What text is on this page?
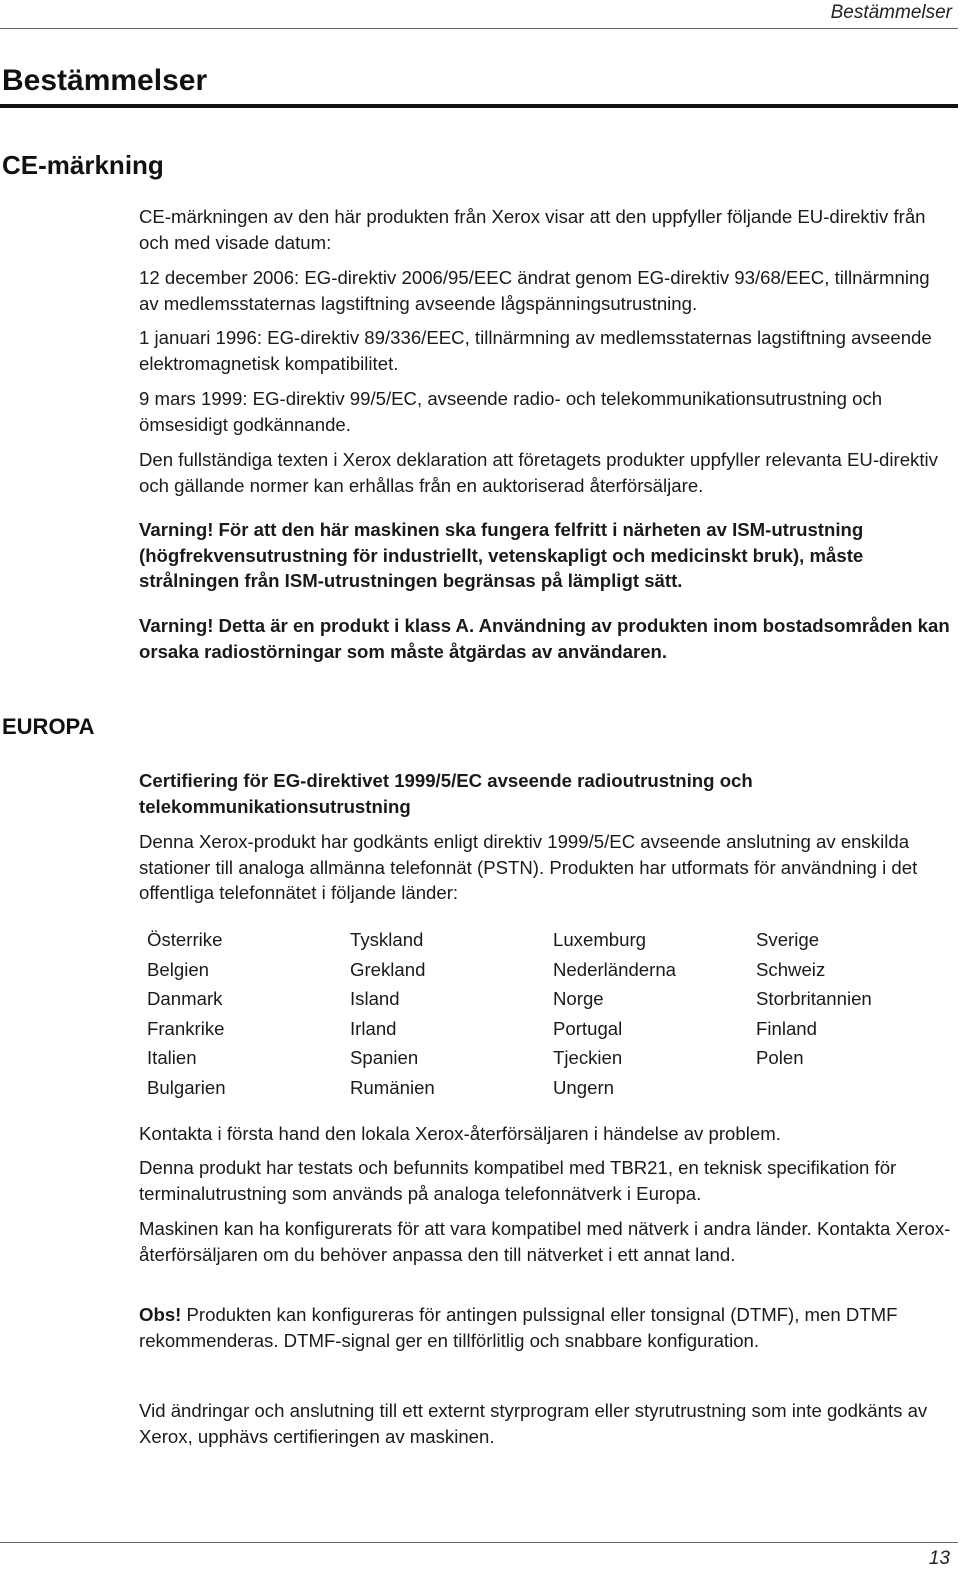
Bestämmelser
Bestämmelser
CE-märkning
EUROPA

CE-märkningen av den här produkten från Xerox visar att den uppfyller följande EU-direktiv från och med visade datum:

12 december 2006: EG-direktiv 2006/95/EEC ändrat genom EG-direktiv 93/68/EEC, tillnärmning av medlemsstaternas lagstiftning avseende lågspänningsutrustning.

1 januari 1996: EG-direktiv 89/336/EEC, tillnärmning av medlemsstaternas lagstiftning avseende elektromagnetisk kompatibilitet.

9 mars 1999: EG-direktiv 99/5/EC, avseende radio- och telekommunikationsutrustning och ömsesidigt godkännande.

Den fullständiga texten i Xerox deklaration att företagets produkter uppfyller relevanta EU-direktiv och gällande normer kan erhållas från en auktoriserad återförsäljare.

Varning! För att den här maskinen ska fungera felfritt i närheten av ISM-utrustning (högfrekvensutrustning för industriellt, vetenskapligt och medicinskt bruk), måste strålningen från ISM-utrustningen begränsas på lämpligt sätt.

Varning! Detta är en produkt i klass A. Användning av produkten inom bostadsområden kan orsaka radiostörningar som måste åtgärdas av användaren.

Certifiering för EG-direktivet 1999/5/EC avseende radioutrustning och telekommunikationsutrustning

Denna Xerox-produkt har godkänts enligt direktiv 1999/5/EC avseende anslutning av enskilda stationer till analoga allmänna telefonnät (PSTN). Produkten har utformats för användning i det offentliga telefonnätet i följande länder:

Österrike	Tyskland	Luxemburg	Sverige
Belgien	Grekland	Nederländerna	Schweiz
Danmark	Island	Norge	Storbritannien
Frankrike	Irland	Portugal	Finland
Italien	Spanien	Tjeckien	Polen
Bulgarien	Rumänien	Ungern	

Kontakta i första hand den lokala Xerox-återförsäljaren i händelse av problem.

Denna produkt har testats och befunnits kompatibel med TBR21, en teknisk specifikation för terminalutrustning som används på analoga telefonnätverk i Europa.

Maskinen kan ha konfigurerats för att vara kompatibel med nätverk i andra länder. Kontakta Xerox-återförsäljaren om du behöver anpassa den till nätverket i ett annat land.

Obs! Produkten kan konfigureras för antingen pulssignal eller tonsignal (DTMF), men DTMF rekommenderas. DTMF-signal ger en tillförlitlig och snabbare konfiguration.

Vid ändringar och anslutning till ett externt styrprogram eller styrutrustning som inte godkänts av Xerox, upphävs certifieringen av maskinen.

13
